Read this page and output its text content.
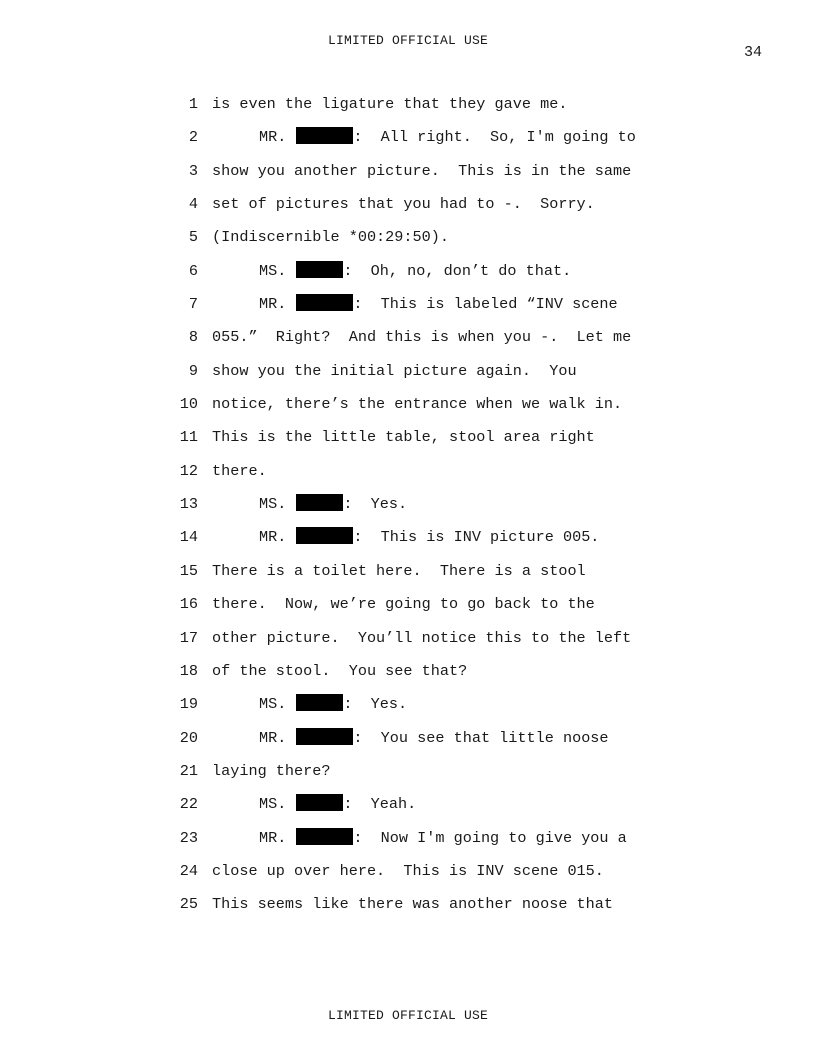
LIMITED OFFICIAL USE
34
1 is even the ligature that they gave me.
2	MR.	:  All right.  So, I'm going to
3 show you another picture.  This is in the same
4 set of pictures that you had to -.  Sorry.
5 (Indiscernible *00:29:50).
6	MS.	:  Oh, no, don’t do that.
7	MR.	:  This is labeled “INV scene
8 055.”  Right?  And this is when you -.  Let me
9 show you the initial picture again.  You
10 notice, there’s the entrance when we walk in.
11 This is the little table, stool area right
12 there.
13	MS.	:  Yes.
14	MR.	:  This is INV picture 005.
15 There is a toilet here.  There is a stool
16 there.  Now, we’re going to go back to the
17 other picture.  You’ll notice this to the left
18 of the stool.  You see that?
19	MS.	:  Yes.
20	MR.	:  You see that little noose
21 laying there?
22	MS.	:  Yeah.
23	MR.	:  Now I'm going to give you a
24 close up over here.  This is INV scene 015.
25 This seems like there was another noose that
LIMITED OFFICIAL USE
